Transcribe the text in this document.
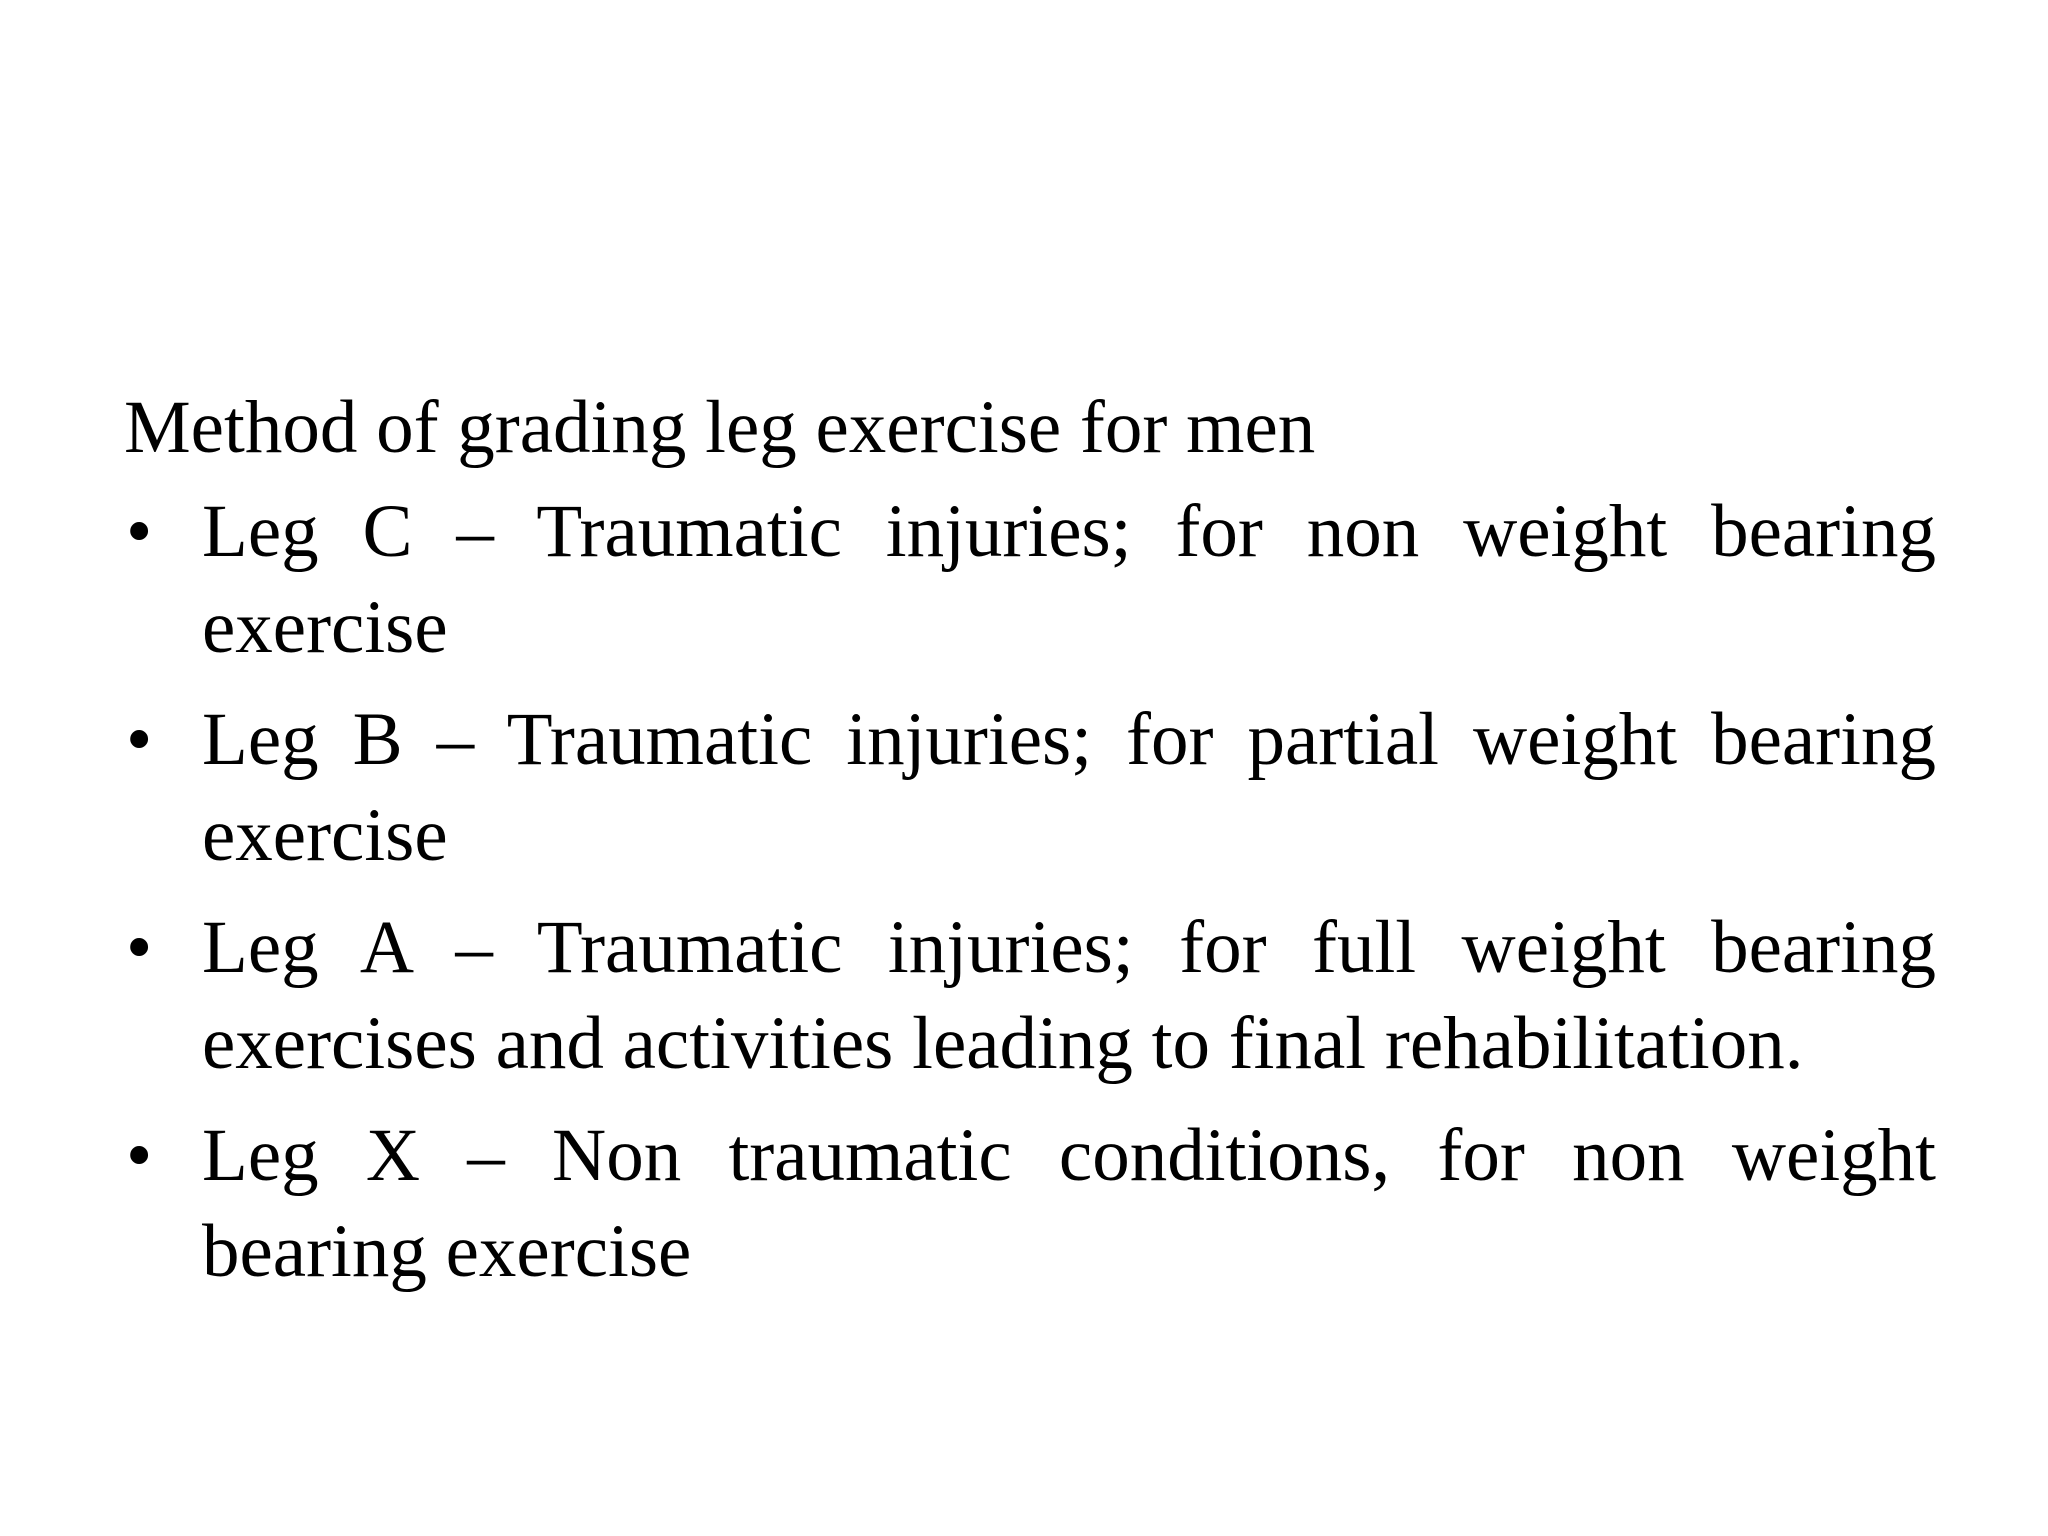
Method of grading leg exercise for men
• Leg C – Traumatic injuries; for non weight bearing exercise
• Leg B – Traumatic injuries; for partial weight bearing exercise
• Leg A – Traumatic injuries; for full weight bearing exercises and activities leading to final rehabilitation.
• Leg X – Non traumatic conditions, for non weight bearing exercise
